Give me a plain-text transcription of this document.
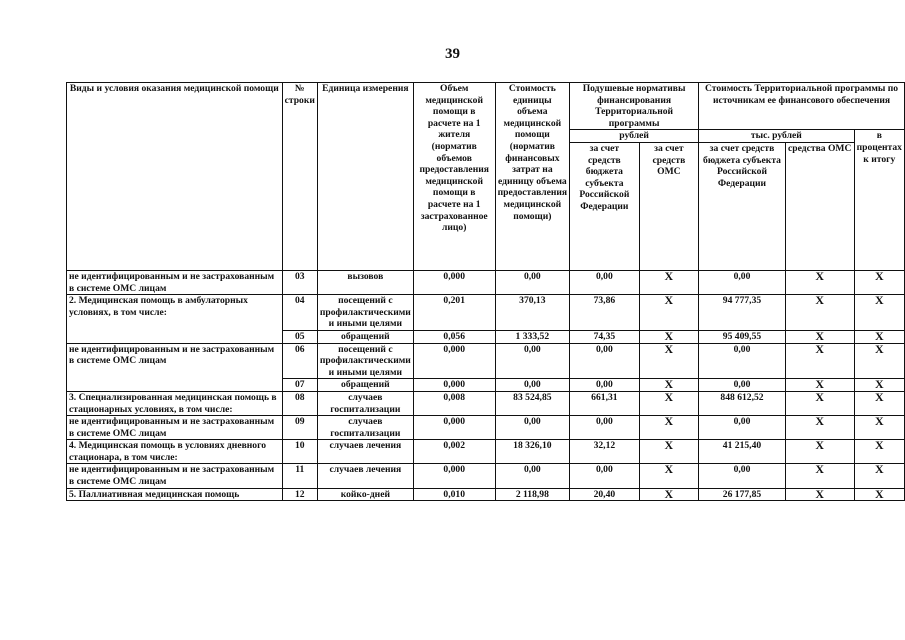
39
Виды и условия оказания медицинской помощи	№ строки	Единица измерения	Объем медицинской помощи в расчете на 1 жителя (норматив объемов предоставления медицинской помощи в расчете на 1 застрахованное лицо)	Стоимость единицы объема медицинской помощи (норматив финансовых затрат на единицу объема предоставления медицинской помощи)	Подушевые нормативы финансирования Территориальной программы		Стоимость Территориальной программы по источникам ее финансового обеспечения		
					рублей		тыс. рублей		в процентах к итогу
					за счет средств бюджета субъекта Российской Федерации	за счет средств ОМС	за счет средств бюджета субъекта Российской Федерации	средства ОМС	
не идентифицированным и не застрахованным в системе ОМС лицам	03	вызовов	0,000	0,00	0,00	X	0,00	X	X
2. Медицинская помощь в амбулаторных условиях, в том числе:	04	посещений с профилактическими и иными целями	0,201	370,13	73,86	X	94 777,35	X	X
	05	обращений	0,056	1 333,52	74,35	X	95 409,55	X	X
не идентифицированным и не застрахованным в системе ОМС лицам	06	посещений с профилактическими и иными целями	0,000	0,00	0,00	X	0,00	X	X
	07	обращений	0,000	0,00	0,00	X	0,00	X	X
3. Специализированная медицинская помощь в стационарных условиях, в том числе:	08	случаев госпитализации	0,008	83 524,85	661,31	X	848 612,52	X	X
не идентифицированным и не застрахованным в системе ОМС лицам	09	случаев госпитализации	0,000	0,00	0,00	X	0,00	X	X
4. Медицинская помощь в условиях дневного стационара, в том числе:	10	случаев лечения	0,002	18 326,10	32,12	X	41 215,40	X	X
не идентифицированным и не застрахованным в системе ОМС лицам	11	случаев лечения	0,000	0,00	0,00	X	0,00	X	X
5. Паллиативная медицинская помощь	12	койко-дней	0,010	2 118,98	20,40	X	26 177,85	X	X
